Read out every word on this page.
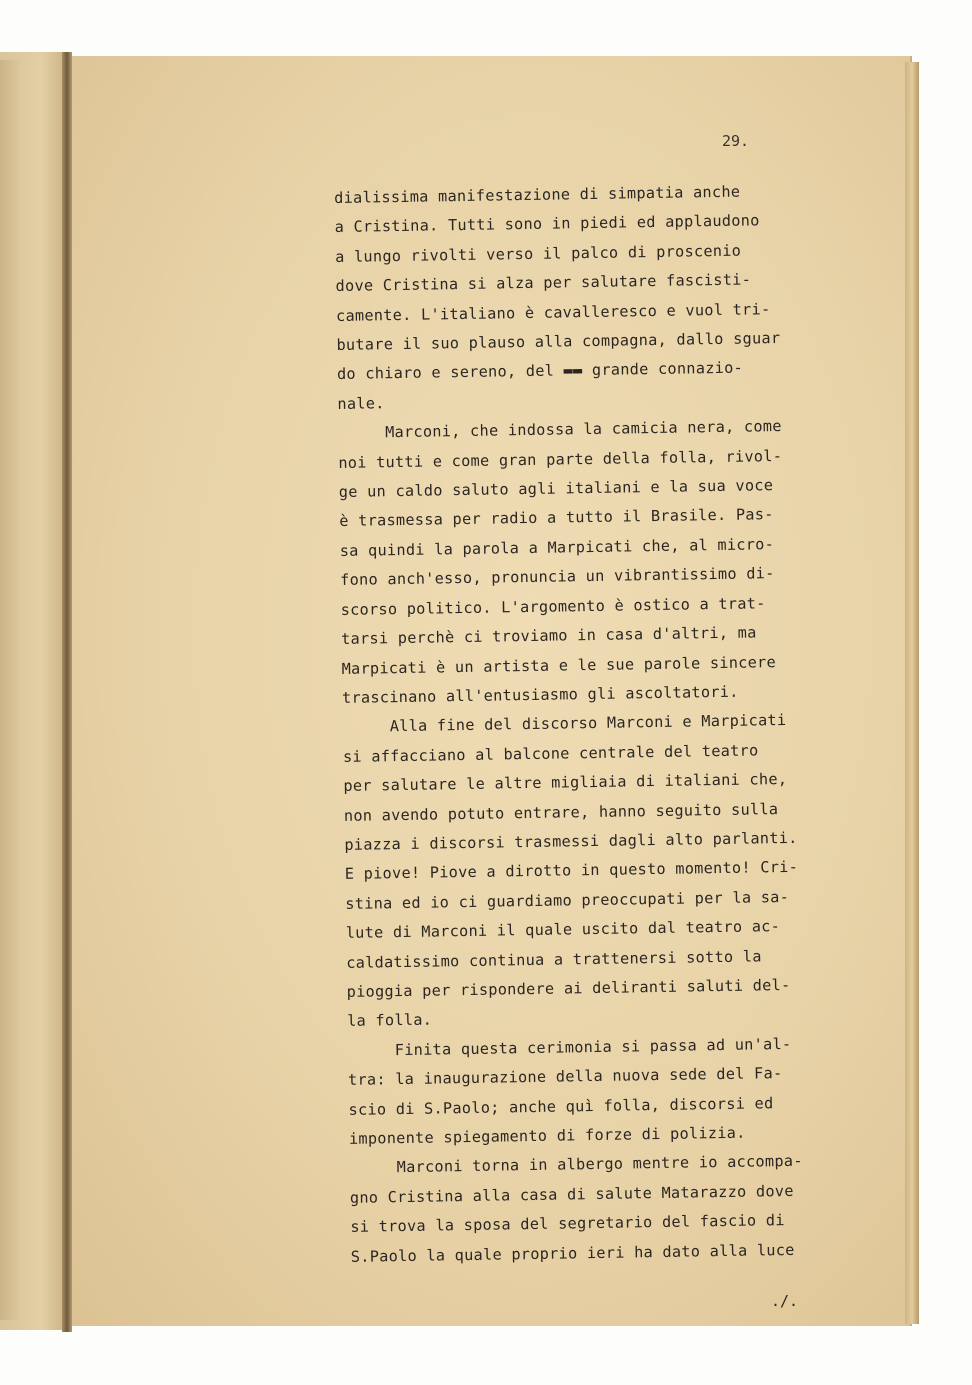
29.
dialissima manifestazione di simpatia anche
a Cristina. Tutti sono in piedi ed applaudono
a lungo rivolti verso il palco di proscenio
dove Cristina si alza per salutare fascisti-
camente. L'italiano è cavalleresco e vuol tri-
butare il suo plauso alla compagna, dallo sguar
do chiaro e sereno, del ▬▬ grande connazio-
nale.
Marconi, che indossa la camicia nera, come
noi tutti e come gran parte della folla, rivol-
ge un caldo saluto agli italiani e la sua voce
è trasmessa per radio a tutto il Brasile. Pas-
sa quindi la parola a Marpicati che, al micro-
fono anch'esso, pronuncia un vibrantissimo di-
scorso politico. L'argomento è ostico a trat-
tarsi perchè ci troviamo in casa d'altri, ma
Marpicati è un artista e le sue parole sincere
trascinano all'entusiasmo gli ascoltatori.
Alla fine del discorso Marconi e Marpicati
si affacciano al balcone centrale del teatro
per salutare le altre migliaia di italiani che,
non avendo potuto entrare, hanno seguito sulla
piazza i discorsi trasmessi dagli alto parlanti.
E piove! Piove a dirotto in questo momento! Cri-
stina ed io ci guardiamo preoccupati per la sa-
lute di Marconi il quale uscito dal teatro ac-
caldatissimo continua a trattenersi sotto la
pioggia per rispondere ai deliranti saluti del-
la folla.
Finita questa cerimonia si passa ad un'al-
tra: la inaugurazione della nuova sede del Fa-
scio di S.Paolo; anche quì folla, discorsi ed
imponente spiegamento di forze di polizia.
Marconi torna in albergo mentre io accompa-
gno Cristina alla casa di salute Matarazzo dove
si trova la sposa del segretario del fascio di
S.Paolo la quale proprio ieri ha dato alla luce
./.
